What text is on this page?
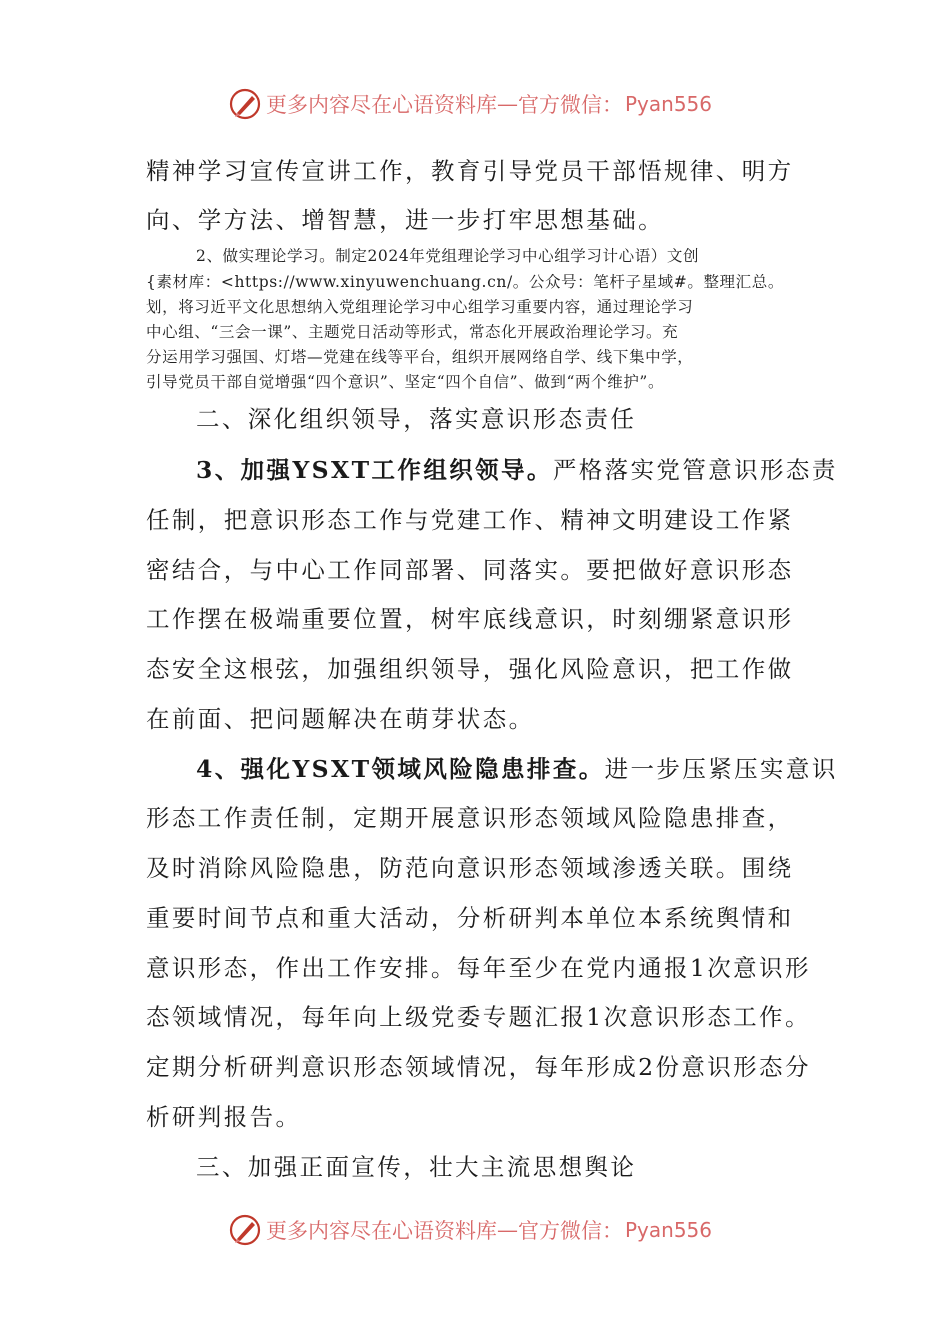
更多内容尽在心语资料库 — 官方微信： Pyan556
精神学习宣传宣讲工作，教育引导党员干部悟规律、明方
向、学方法、增智慧，进一步打牢思想基础。
2、做实理论学习。制定2024年党组理论学习中心组学习计心语）文创
{素材库：<https://www.xinyuwenchuang.cn/。公众号：笔杆子星域#。整理汇总。
划，将习近平文化思想纳入党组理论学习中心组学习重要内容，通过理论学习
中心组、“三会一课”、主题党日活动等形式，常态化开展政治理论学习。充
分运用学习强国、灯塔—党建在线等平台，组织开展网络自学、线下集中学，
引导党员干部自觉增强“四个意识”、坚定“四个自信”、做到“两个维护”。
二、深化组织领导，落实意识形态责任
3、加强YSXT工作组织领导。严格落实党管意识形态责
任制，把意识形态工作与党建工作、精神文明建设工作紧
密结合，与中心工作同部署、同落实。要把做好意识形态
工作摆在极端重要位置，树牢底线意识，时刻绷紧意识形
态安全这根弦，加强组织领导，强化风险意识，把工作做
在前面、把问题解决在萌芽状态。
4、强化YSXT领域风险隐患排查。进一步压紧压实意识
形态工作责任制，定期开展意识形态领域风险隐患排查，
及时消除风险隐患，防范向意识形态领域渗透关联。围绕
重要时间节点和重大活动，分析研判本单位本系统舆情和
意识形态，作出工作安排。每年至少在党内通报1次意识形
态领域情况，每年向上级党委专题汇报1次意识形态工作。
定期分析研判意识形态领域情况，每年形成2份意识形态分
析研判报告。
三、加强正面宣传，壮大主流思想舆论
更多内容尽在心语资料库 — 官方微信： Pyan556
